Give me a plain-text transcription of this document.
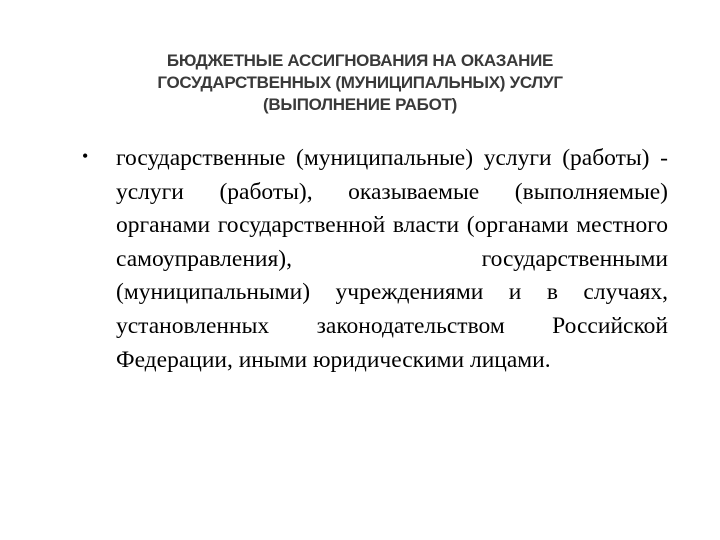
БЮДЖЕТНЫЕ АССИГНОВАНИЯ НА ОКАЗАНИЕ
ГОСУДАРСТВЕННЫХ (МУНИЦИПАЛЬНЫХ) УСЛУГ
(ВЫПОЛНЕНИЕ РАБОТ)
• государственные (муниципальные) услуги (работы) - услуги (работы), оказываемые (выполняемые) органами государственной власти (органами местного самоуправления), государственными (муниципальными) учреждениями и в случаях, установленных законодательством Российской Федерации, иными юридическими лицами.
